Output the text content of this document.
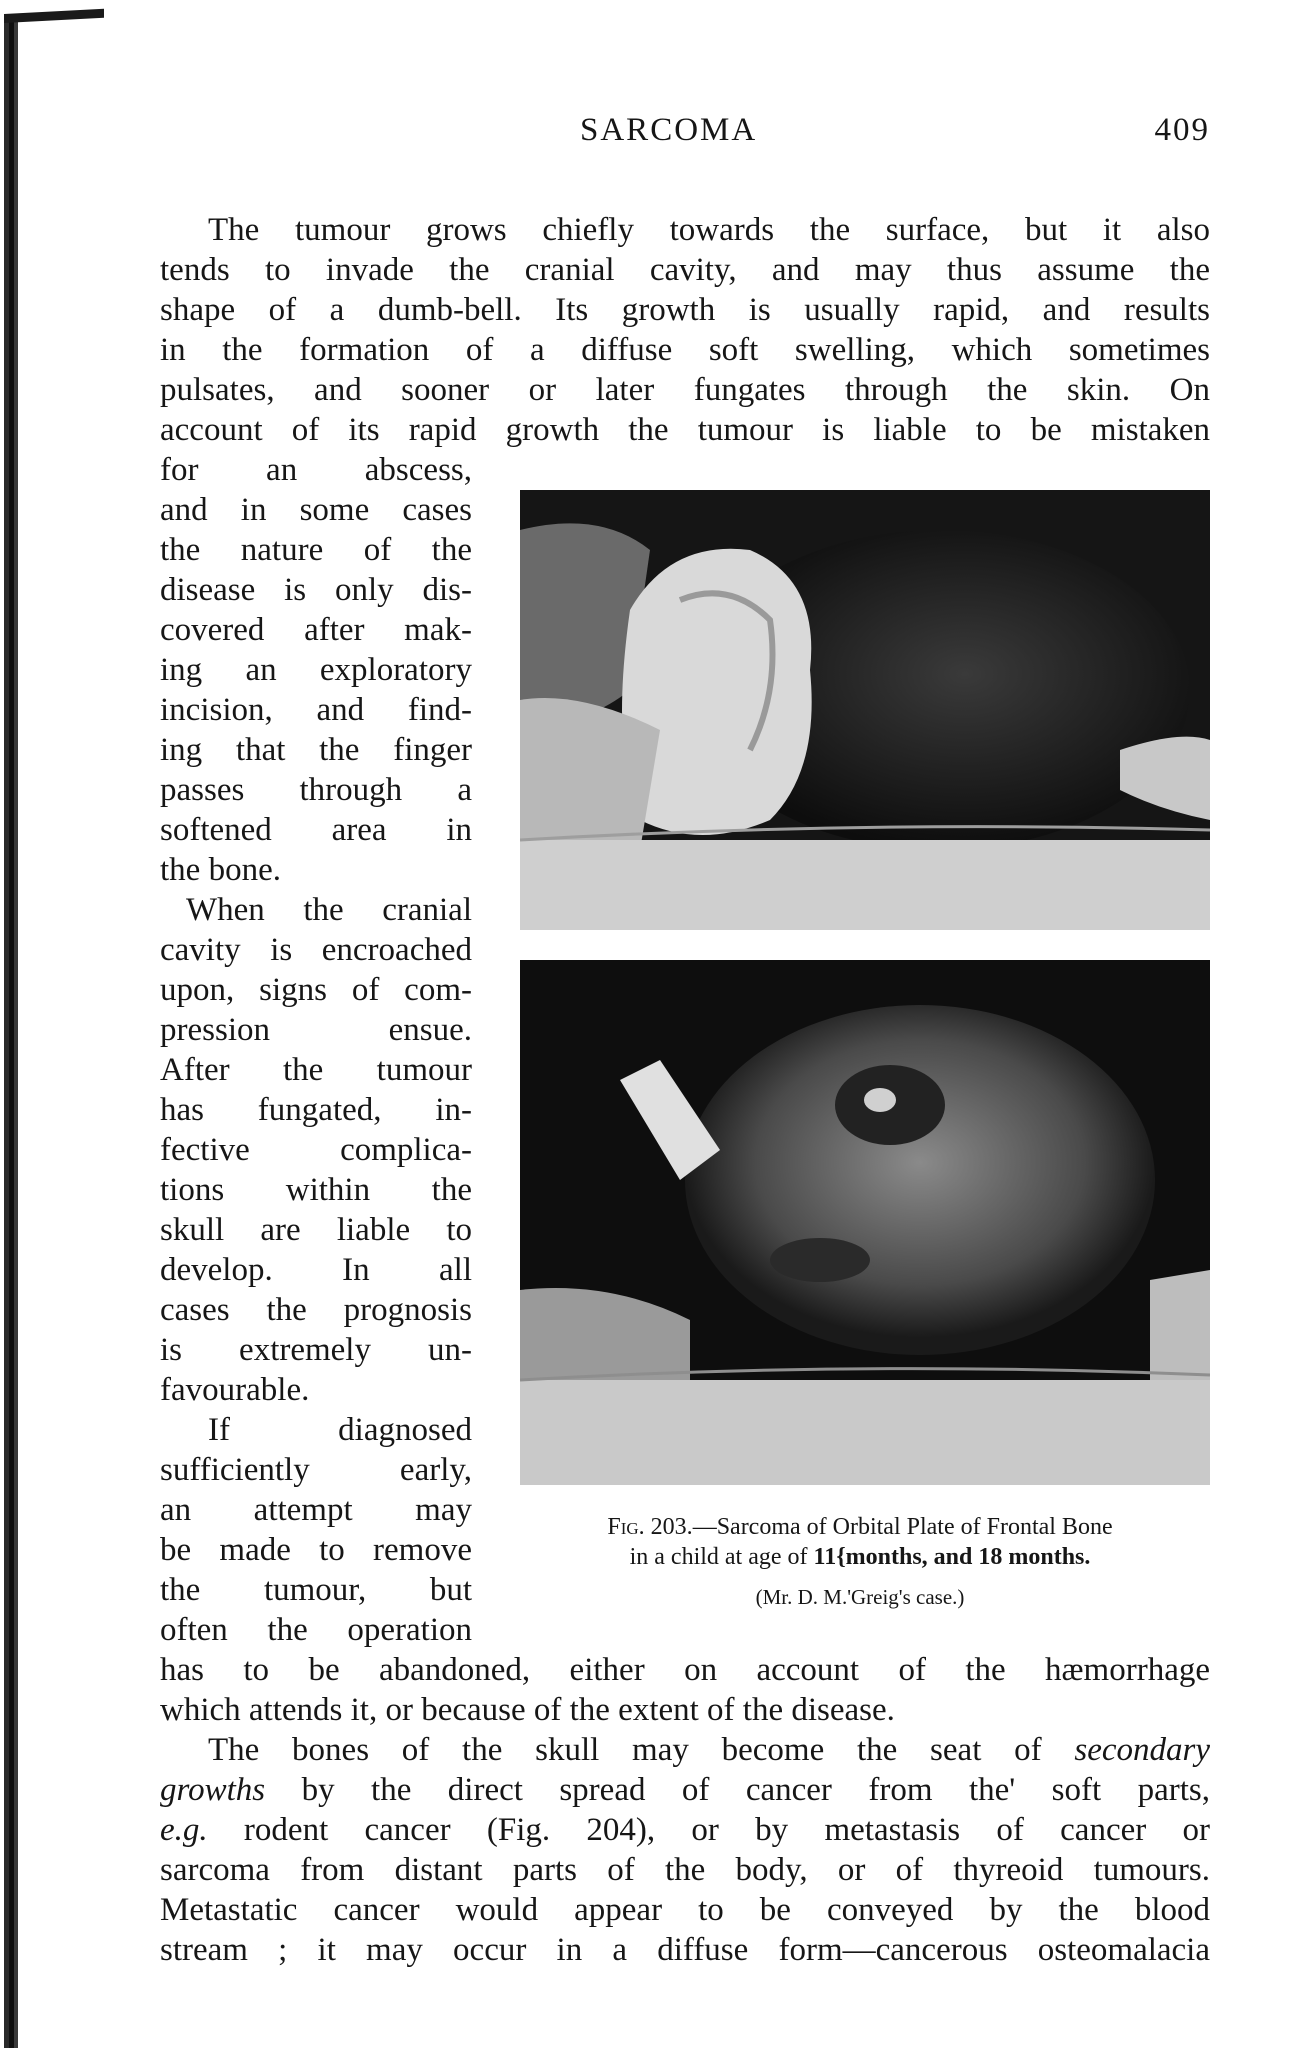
SARCOMA	409
The tumour grows chiefly towards the surface, but it also
tends to invade the cranial cavity, and may thus assume the
shape of a dumb-bell. Its growth is usually rapid, and results
in the formation of a diffuse soft swelling, which sometimes
pulsates, and sooner or later fungates through the skin. On
account of its rapid growth the tumour is liable to be mistaken
for an abscess,
and in some cases
the nature of the
disease is only dis-
covered after mak-
ing an exploratory
incision, and find-
ing that the finger
passes through a
softened area in
the bone.
When the cranial
cavity is encroached
upon, signs of com-
pression ensue.
After the tumour
has fungated, in-
fective complica-
tions within the
skull are liable to
develop. In all
cases the prognosis
is extremely un-
favourable.
If diagnosed
sufficiently early,
an attempt may
be made to remove
the tumour, but
often the operation
has to be abandoned, either on account of the hæmorrhage
which attends it, or because of the extent of the disease.
The bones of the skull may become the seat of secondary
growths by the direct spread of cancer from the' soft parts,
e.g. rodent cancer (Fig. 204), or by metastasis of cancer or
sarcoma from distant parts of the body, or of thyreoid tumours.
Metastatic cancer would appear to be conveyed by the blood
stream ; it may occur in a diffuse form—cancerous osteomalacia
Fig. 203.—Sarcoma of Orbital Plate of Frontal Bone
in a child at age of 11{months, and 18 months.
(Mr. D. M.'Greig's case.)
